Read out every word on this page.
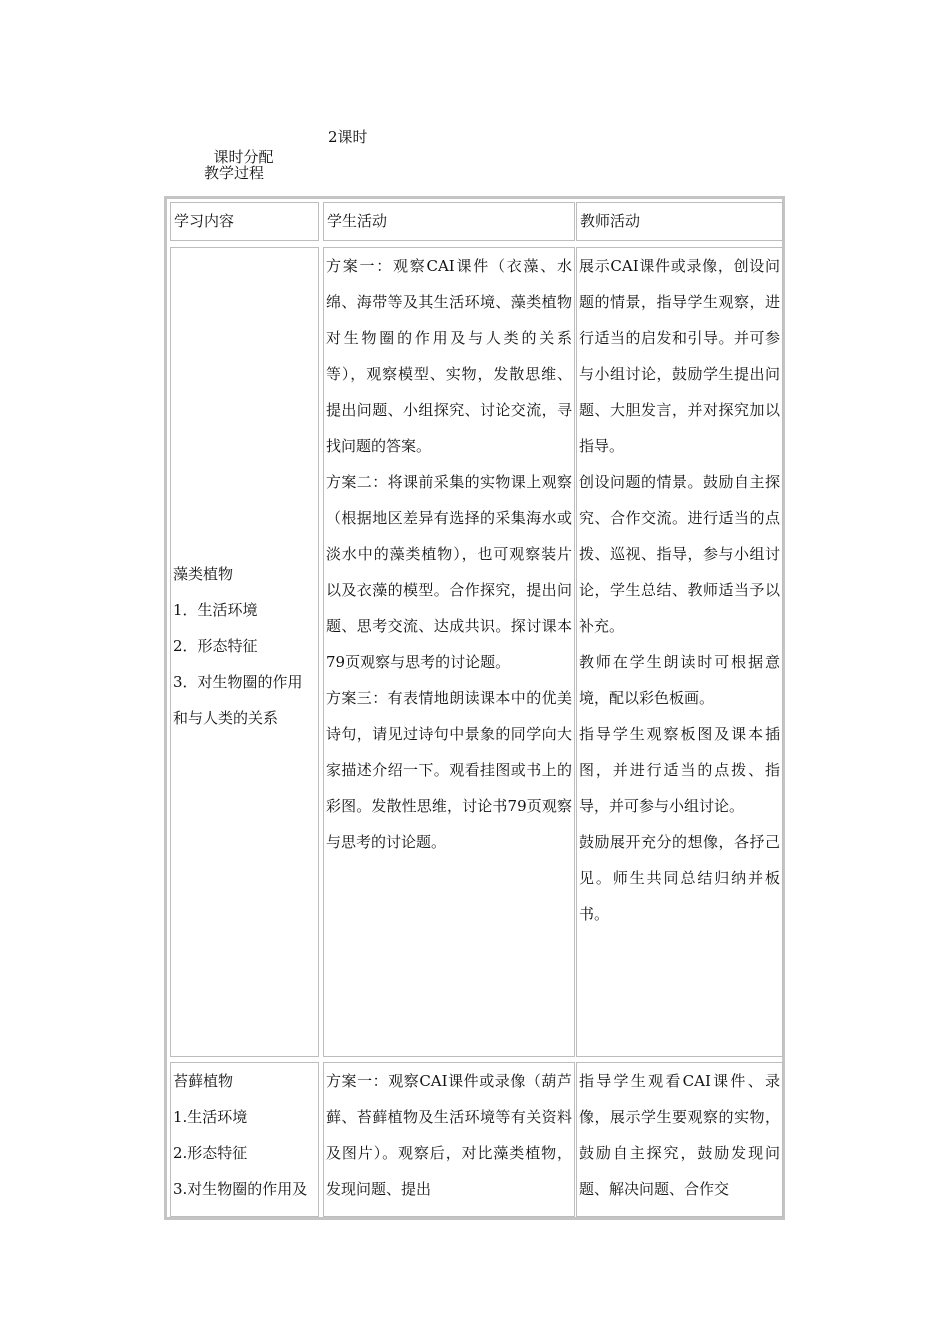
课时分配

2课时

教学过程
学习内容	学生活动	教师活动
藻类植物
1．生活环境
2．形态特征
3．对生物圈的作用
和与人类的关系
方案一：观察CAI课件（衣藻、水绵、海带等及其生活环境、藻类植物对生物圈的作用及与人类的关系等），观察模型、实物，发散思维、提出问题、小组探究、讨论交流，寻找问题的答案。
方案二：将课前采集的实物课上观察（根据地区差异有选择的采集海水或淡水中的藻类植物），也可观察装片以及衣藻的模型。合作探究，提出问题、思考交流、达成共识。探讨课本79页观察与思考的讨论题。
方案三：有表情地朗读课本中的优美诗句，请见过诗句中景象的同学向大家描述介绍一下。观看挂图或书上的彩图。发散性思维，讨论书79页观察与思考的讨论题。
展示CAI课件或录像，创设问题的情景，指导学生观察，进行适当的启发和引导。并可参与小组讨论，鼓励学生提出问题、大胆发言，并对探究加以指导。
创设问题的情景。鼓励自主探究、合作交流。进行适当的点拨、巡视、指导，参与小组讨论，学生总结、教师适当予以补充。
教师在学生朗读时可根据意境，配以彩色板画。
指导学生观察板图及课本插图，并进行适当的点拨、指导，并可参与小组讨论。
鼓励展开充分的想像，各抒己见。师生共同总结归纳并板书。
苔藓植物
1.生活环境
2.形态特征
3.对生物圈的作用及
方案一：观察CAI课件或录像（葫芦藓、苔藓植物及生活环境等有关资料及图片）。观察后，对比藻类植物，发现问题、提出
指导学生观看CAI课件、录像，展示学生要观察的实物，鼓励自主探究，鼓励发现问题、解决问题、合作交
